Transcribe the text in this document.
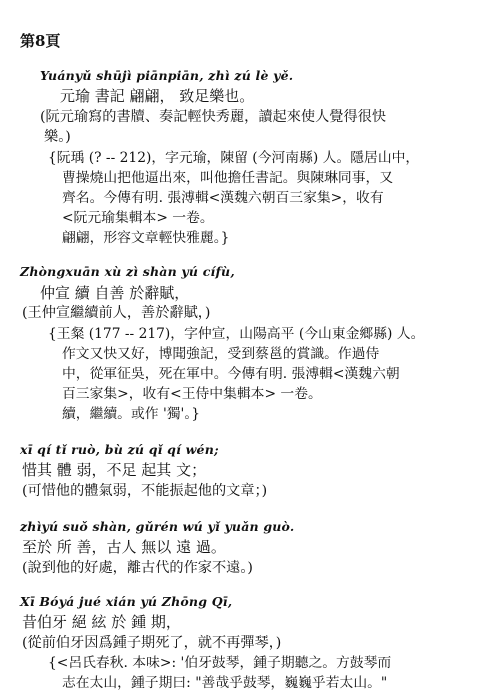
第8頁
Yuányǔ shūjì piānpiān, zhì zú lè yě.
元瑜 書記 翩翩， 致足樂也。
(阮元瑜寫的書牘、奏記輕快秀麗，讀起來使人覺得很快
樂。)
{阮瑀 (? -- 212)，字元瑜，陳留 (今河南縣) 人。隱居山中，
曹操燒山把他逼出來，叫他擔任書記。與陳琳同事，又
齊名。今傳有明. 張溥輯<漢魏六朝百三家集>，收有
<阮元瑜集輯本> 一卷。
翩翩，形容文章輕快雅麗。}
Zhòngxuān xù zì shàn yú cífù,
仲宣 續 自善 於辭賦，
(王仲宣繼續前人，善於辭賦，)
{王粲 (177 -- 217)，字仲宣，山陽高平 (今山東金鄉縣) 人。
作文又快又好，博聞強記，受到蔡邕的賞識。作過侍
中，從軍征吳，死在軍中。今傳有明. 張溥輯<漢魏六朝
百三家集>，收有<王侍中集輯本> 一卷。
續，繼續。或作 '獨'。}
xī qí tǐ ruò, bù zú qǐ qí wén;
惜其 體 弱，不足 起其 文；
(可惜他的體氣弱，不能振起他的文章；)
zhìyú suǒ shàn, gǔrén wú yǐ yuǎn guò.
至於 所 善，古人 無以 遠 過。
(說到他的好處，離古代的作家不遠。)
Xī Bóyá jué xián yú Zhōng Qī,
昔伯牙 絕 絃 於 鍾 期，
(從前伯牙因爲鍾子期死了，就不再彈琴，)
{<呂氏春秋. 本味>: '伯牙鼓琴，鍾子期聽之。方鼓琴而
志在太山，鍾子期曰: "善哉乎鼓琴，巍巍乎若太山。"
